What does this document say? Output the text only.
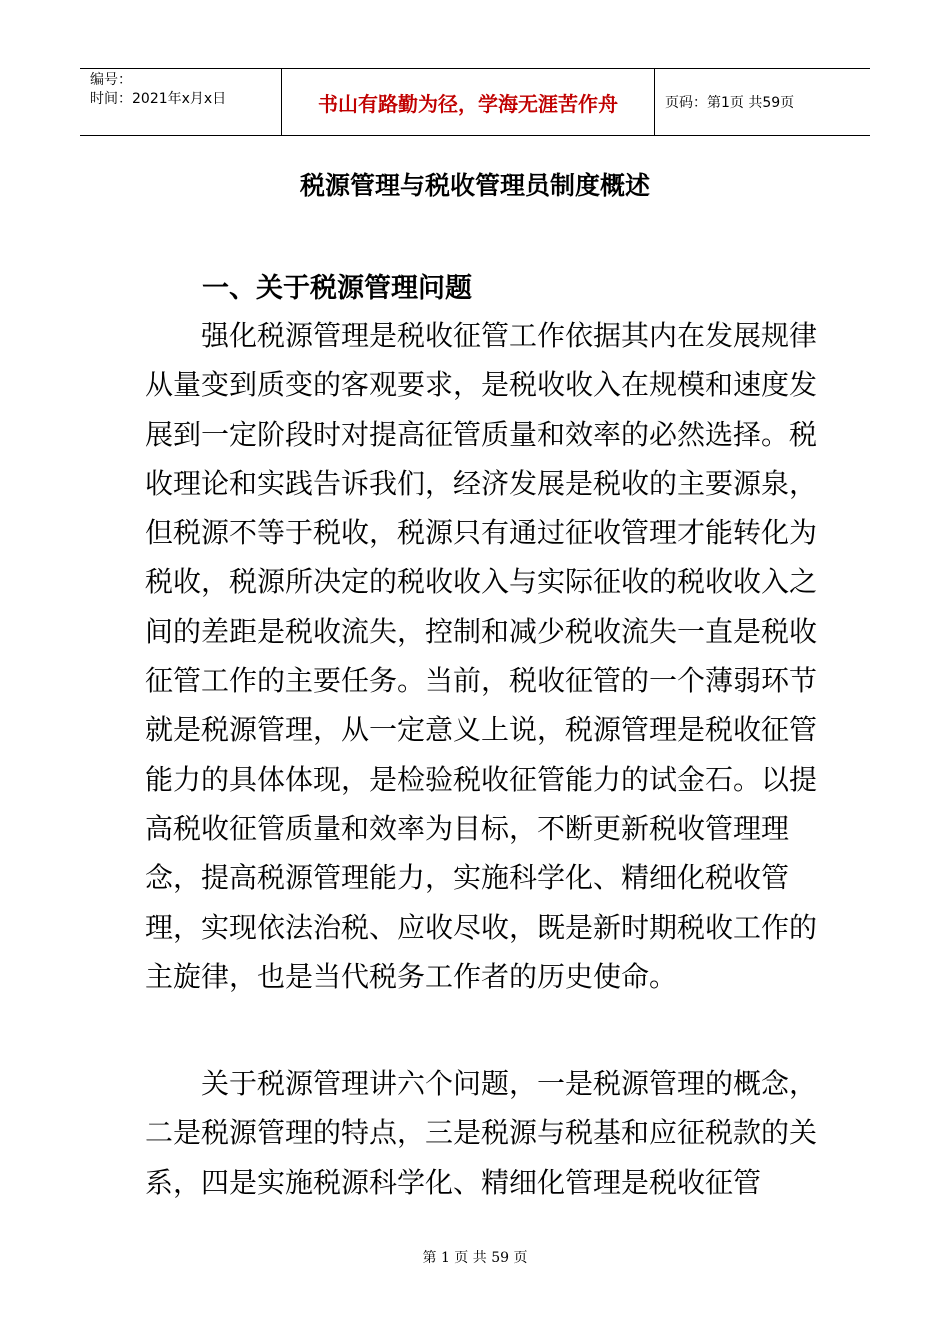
编号：
时间：2021年x月x日	书山有路勤为径，学海无涯苦作舟	页码：第1页 共59页
税源管理与税收管理员制度概述
一、关于税源管理问题

强化税源管理是税收征管工作依据其内在发展规律从量变到质变的客观要求，是税收收入在规模和速度发展到一定阶段时对提高征管质量和效率的必然选择。税收理论和实践告诉我们，经济发展是税收的主要源泉，但税源不等于税收，税源只有通过征收管理才能转化为税收，税源所决定的税收收入与实际征收的税收收入之间的差距是税收流失，控制和减少税收流失一直是税收征管工作的主要任务。当前，税收征管的一个薄弱环节就是税源管理，从一定意义上说，税源管理是税收征管能力的具体体现，是检验税收征管能力的试金石。以提高税收征管质量和效率为目标，不断更新税收管理理念，提高税源管理能力，实施科学化、精细化税收管理，实现依法治税、应收尽收，既是新时期税收工作的主旋律，也是当代税务工作者的历史使命。

关于税源管理讲六个问题，一是税源管理的概念，二是税源管理的特点，三是税源与税基和应征税款的关系，四是实施税源科学化、精细化管理是税收征管

第 1 页 共 59 页
